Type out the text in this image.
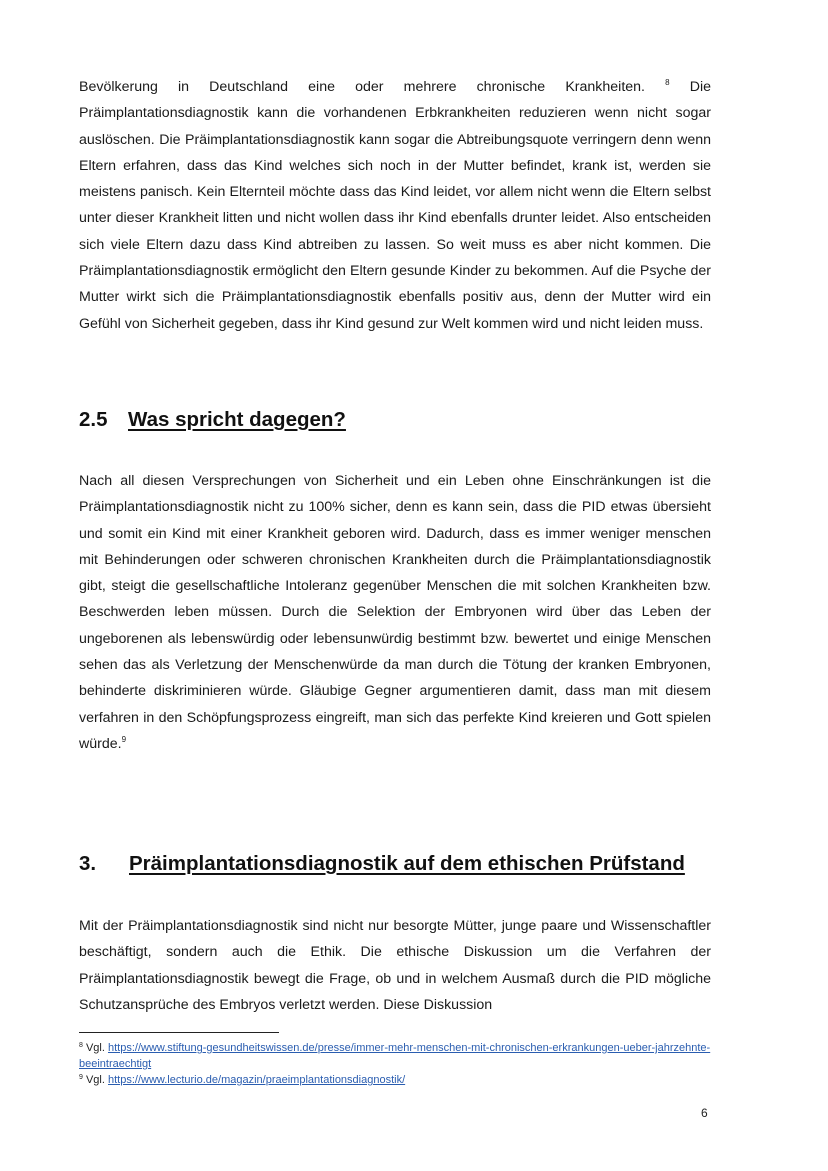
Bevölkerung in Deutschland eine oder mehrere chronische Krankheiten.	$^8$ Die Präimplantationsdiagnostik kann die vorhandenen Erbkrankheiten reduzieren wenn nicht sogar auslöschen. Die Präimplantationsdiagnostik kann sogar die Abtreibungsquote verringern denn wenn Eltern erfahren, dass das Kind welches sich noch in der Mutter befindet, krank ist, werden sie meistens panisch. Kein Elternteil möchte dass das Kind leidet, vor allem nicht wenn die Eltern selbst unter dieser Krankheit litten und nicht wollen dass ihr Kind ebenfalls drunter leidet. Also entscheiden sich viele Eltern dazu dass Kind abtreiben zu lassen. So weit muss es aber nicht kommen. Die Präimplantationsdiagnostik ermöglicht den Eltern gesunde Kinder zu bekommen. Auf die Psyche der Mutter wirkt sich die Präimplantationsdiagnostik ebenfalls positiv aus, denn der Mutter wird ein Gefühl von Sicherheit gegeben, dass ihr Kind gesund zur Welt kommen wird und nicht leiden muss.

2.5 Was spricht dagegen?

Nach all diesen Versprechungen von Sicherheit und ein Leben ohne Einschränkungen ist die Präimplantationsdiagnostik nicht zu 100% sicher, denn es kann sein, dass die PID etwas übersieht und somit ein Kind mit einer Krankheit geboren wird. Dadurch, dass es immer weniger menschen mit Behinderungen oder schweren chronischen Krankheiten durch die Präimplantationsdiagnostik gibt, steigt die gesellschaftliche Intoleranz gegenüber Menschen die mit solchen Krankheiten bzw. Beschwerden leben müssen. Durch die Selektion der Embryonen wird über das Leben der ungeborenen als lebenswürdig oder lebensunwürdig bestimmt bzw. bewertet und einige Menschen sehen das als Verletzung der Menschenwürde da man durch die Tötung der kranken Embryonen, behinderte diskriminieren würde. Gläubige Gegner argumentieren damit, dass man mit diesem verfahren in den Schöpfungsprozess eingreift, man sich das perfekte Kind kreieren und Gott spielen würde.$^9$

3. Präimplantationsdiagnostik auf dem ethischen Prüfstand

Mit der Präimplantationsdiagnostik sind nicht nur besorgte Mütter, junge paare und Wissenschaftler beschäftigt, sondern auch die Ethik. Die ethische Diskussion um die Verfahren der Präimplantationsdiagnostik bewegt die Frage, ob und in welchem Ausmaß durch die PID mögliche Schutzansprüche des Embryos verletzt werden. Diese Diskussion

$^8$ Vgl. https://www.stiftung-gesundheitswissen.de/presse/immer-mehr-menschen-mit-chronischen-erkrankungen-ueber-jahrzehnte-beeintraechtigt
$^9$ Vgl. https://www.lecturio.de/magazin/praeimplantationsdiagnostik/
6
